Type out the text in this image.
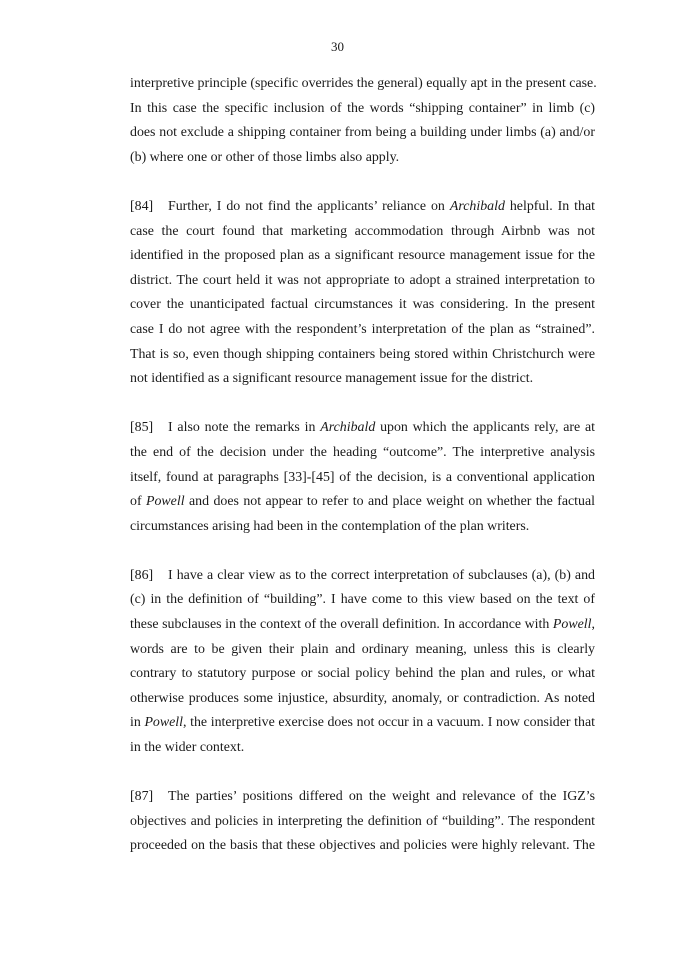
30
interpretive principle (specific overrides the general) equally apt in the present case.
In this case the specific inclusion of the words “shipping container” in limb (c)
does not exclude a shipping container from being a building under limbs (a) and/or
(b) where one or other of those limbs also apply.
[84] Further, I do not find the applicants’ reliance on Archibald helpful. In that
case the court found that marketing accommodation through Airbnb was not
identified in the proposed plan as a significant resource management issue for the
district. The court held it was not appropriate to adopt a strained interpretation to
cover the unanticipated factual circumstances it was considering. In the present
case I do not agree with the respondent’s interpretation of the plan as “strained”.
That is so, even though shipping containers being stored within Christchurch were
not identified as a significant resource management issue for the district.
[85] I also note the remarks in Archibald upon which the applicants rely, are at
the end of the decision under the heading “outcome”. The interpretive analysis
itself, found at paragraphs [33]-[45] of the decision, is a conventional application
of Powell and does not appear to refer to and place weight on whether the factual
circumstances arising had been in the contemplation of the plan writers.
[86] I have a clear view as to the correct interpretation of subclauses (a), (b) and
(c) in the definition of “building”. I have come to this view based on the text of
these subclauses in the context of the overall definition. In accordance with Powell,
words are to be given their plain and ordinary meaning, unless this is clearly
contrary to statutory purpose or social policy behind the plan and rules, or what
otherwise produces some injustice, absurdity, anomaly, or contradiction. As noted
in Powell, the interpretive exercise does not occur in a vacuum. I now consider that
in the wider context.
[87] The parties’ positions differed on the weight and relevance of the IGZ’s
objectives and policies in interpreting the definition of “building”. The respondent
proceeded on the basis that these objectives and policies were highly relevant. The
